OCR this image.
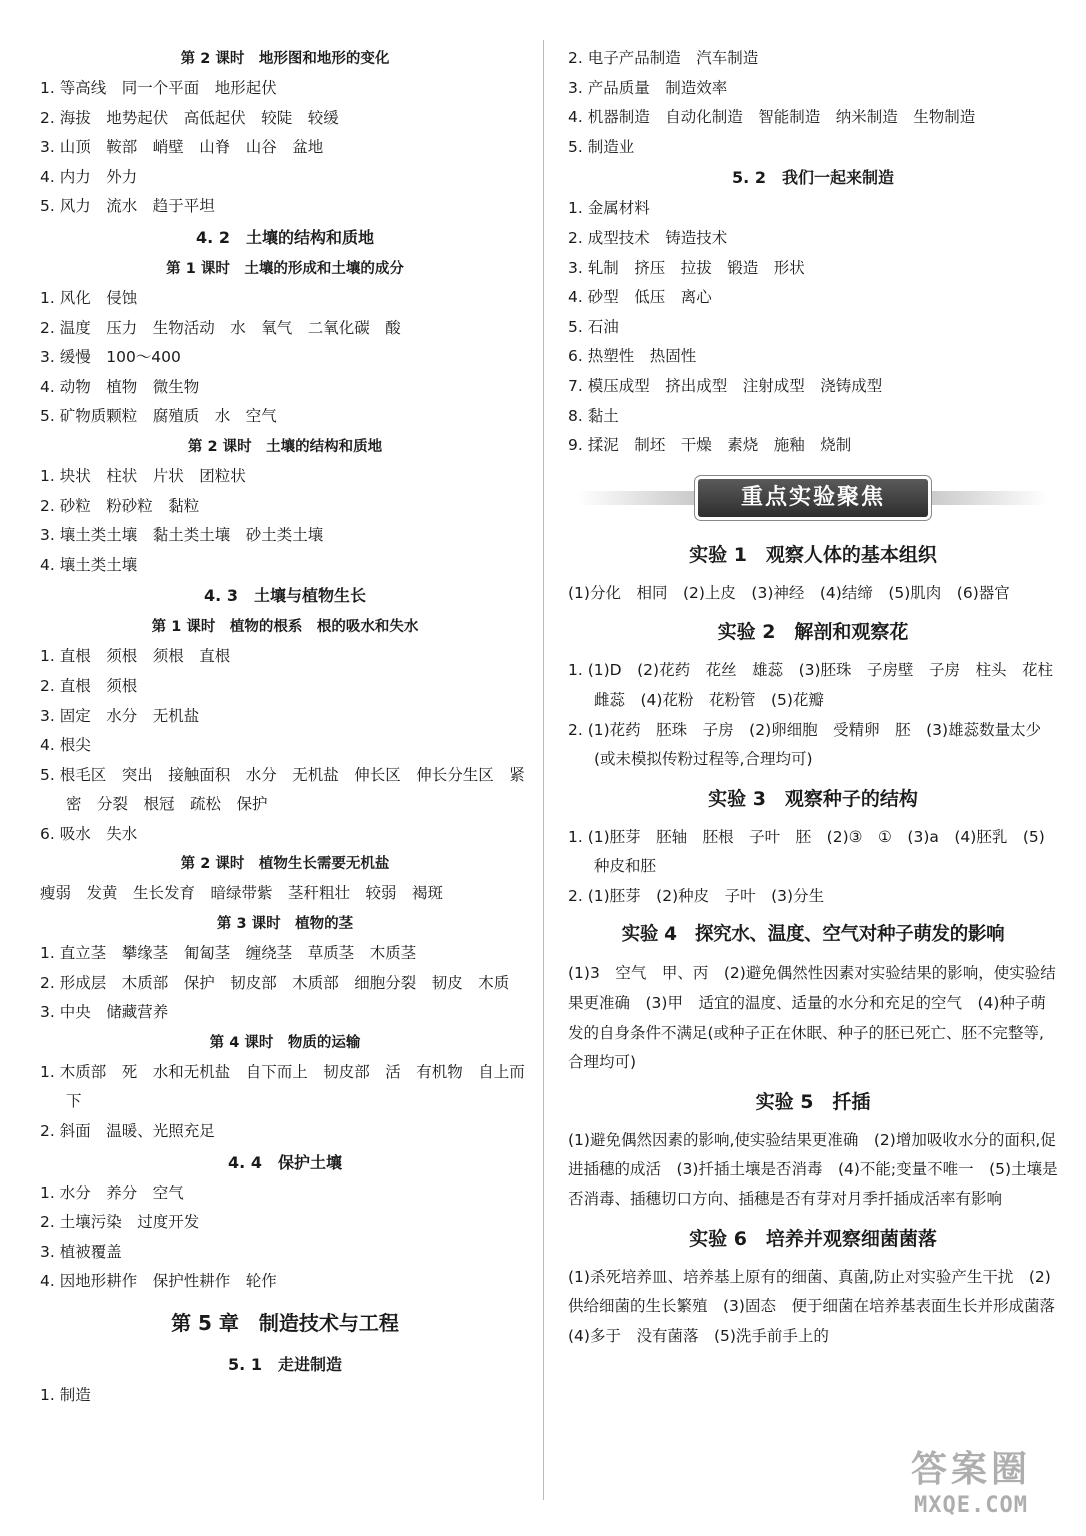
第 2 课时　地形图和地形的变化
1. 等高线　同一个平面　地形起伏
2. 海拔　地势起伏　高低起伏　较陡　较缓
3. 山顶　鞍部　峭壁　山脊　山谷　盆地
4. 内力　外力
5. 风力　流水　趋于平坦
4. 2　土壤的结构和质地
第 1 课时　土壤的形成和土壤的成分
1. 风化　侵蚀
2. 温度　压力　生物活动　水　氧气　二氧化碳　酸
3. 缓慢　100～400
4. 动物　植物　微生物
5. 矿物质颗粒　腐殖质　水　空气
第 2 课时　土壤的结构和质地
1. 块状　柱状　片状　团粒状
2. 砂粒　粉砂粒　黏粒
3. 壤土类土壤　黏土类土壤　砂土类土壤
4. 壤土类土壤
4. 3　土壤与植物生长
第 1 课时　植物的根系　根的吸水和失水
1. 直根　须根　须根　直根
2. 直根　须根
3. 固定　水分　无机盐
4. 根尖
5. 根毛区　突出　接触面积　水分　无机盐　伸长区　伸长分生区　紧密　分裂　根冠　疏松　保护
6. 吸水　失水
第 2 课时　植物生长需要无机盐
瘦弱　发黄　生长发育　暗绿带紫　茎秆粗壮　较弱　褐斑
第 3 课时　植物的茎
1. 直立茎　攀缘茎　匍匐茎　缠绕茎　草质茎　木质茎
2. 形成层　木质部　保护　韧皮部　木质部　细胞分裂　韧皮　木质
3. 中央　储藏营养
第 4 课时　物质的运输
1. 木质部　死　水和无机盐　自下而上　韧皮部　活　有机物　自上而下
2. 斜面　温暖、光照充足
4. 4　保护土壤
1. 水分　养分　空气
2. 土壤污染　过度开发
3. 植被覆盖
4. 因地形耕作　保护性耕作　轮作
第 5 章　制造技术与工程
5. 1　走进制造
1. 制造
2. 电子产品制造　汽车制造
3. 产品质量　制造效率
4. 机器制造　自动化制造　智能制造　纳米制造　生物制造
5. 制造业
5. 2　我们一起来制造
1. 金属材料
2. 成型技术　铸造技术
3. 轧制　挤压　拉拔　锻造　形状
4. 砂型　低压　离心
5. 石油
6. 热塑性　热固性
7. 模压成型　挤出成型　注射成型　浇铸成型
8. 黏土
9. 揉泥　制坯　干燥　素烧　施釉　烧制
重点实验聚焦
实验 1　观察人体的基本组织
(1)分化　相同　(2)上皮　(3)神经　(4)结缔　(5)肌肉　(6)器官
实验 2　解剖和观察花
1. (1)D　(2)花药　花丝　雄蕊　(3)胚珠　子房壁　子房　柱头　花柱　雌蕊　(4)花粉　花粉管　(5)花瓣
2. (1)花药　胚珠　子房　(2)卵细胞　受精卵　胚　(3)雄蕊数量太少(或未模拟传粉过程等,合理均可)
实验 3　观察种子的结构
1. (1)胚芽　胚轴　胚根　子叶　胚　(2)③　①　(3)a　(4)胚乳　(5)种皮和胚
2. (1)胚芽　(2)种皮　子叶　(3)分生
实验 4　探究水、温度、空气对种子萌发的影响
(1)3　空气　甲、丙　(2)避免偶然性因素对实验结果的影响，使实验结果更准确　(3)甲　适宜的温度、适量的水分和充足的空气　(4)种子萌发的自身条件不满足(或种子正在休眠、种子的胚已死亡、胚不完整等,合理均可)
实验 5　扦插
(1)避免偶然因素的影响,使实验结果更准确　(2)增加吸收水分的面积,促进插穗的成活　(3)扦插土壤是否消毒　(4)不能;变量不唯一　(5)土壤是否消毒、插穗切口方向、插穗是否有芽对月季扦插成活率有影响
实验 6　培养并观察细菌菌落
(1)杀死培养皿、培养基上原有的细菌、真菌,防止对实验产生干扰　(2)供给细菌的生长繁殖　(3)固态　便于细菌在培养基表面生长并形成菌落　(4)多于　没有菌落　(5)洗手前手上的
答案圈
MXQE.COM
